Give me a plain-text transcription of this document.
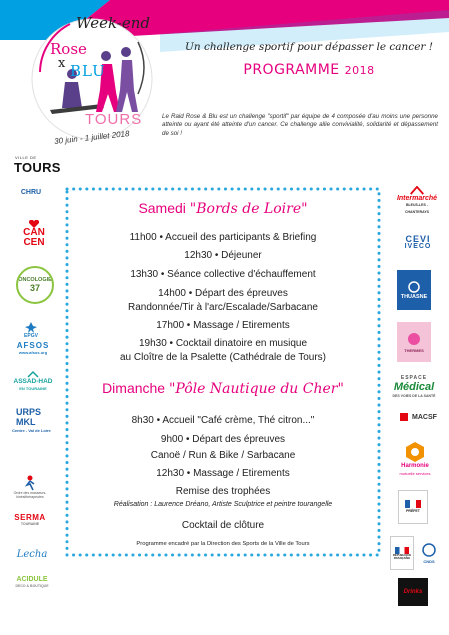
Week-end
Rose
x BLU
TOURS
30 juin - 1 juillet 2018
Un challenge sportif pour dépasser le cancer !
PROGRAMME 2018
Le Raid Rose & Blu est un challenge "sportif" par équipe de 4 composée d'au moins une personne atteinte ou ayant été atteinte d'un cancer. Ce challenge allie convivialité, solidarité et dépassement de soi !
VILLE DE
TOURS
CHRU
CAN
CEN
ONCOLOGIE
37
EPGV
AFSOS
www.afsos.org
ASSAD-HAD
EN TOURAINE
URPS
MKL
Centre - Val de Loire
Ordre des masseurs-kinésithérapeutes
SERMA
TOURAINE
Lecha
ACIDULE
DECO & BOUTIQUE
Samedi "Bords de Loire"
11h00 • Accueil des participants & Briefing
12h30 • Déjeuner
13h30 • Séance collective d'échauffement
14h00 • Départ des épreuves
Randonnée/Tir à l'arc/Escalade/Sarbacane
17h00 • Massage / Etirements
19h30 • Cocktail dinatoire en musique
au Cloître de la Psalette (Cathédrale de Tours)
Dimanche "Pôle Nautique du Cher"
8h30 • Accueil "Café crème, Thé citron..."
9h00 • Départ des épreuves
Canoë / Run & Bike / Sarbacane
12h30 • Massage / Etirements
Remise des trophées
Réalisation : Laurence Dréano, Artiste Sculptrice et peintre tourangelle
Cocktail de clôture
Programme encadré par la Direction des Sports de la Ville de Tours
Intermarché
BLEUS-LES - CHANTERAYS
CEVI
IVECO
THUASNE
THERMES
ESPACE
Médical
DES VOIES DE LA SANTÉ
MACSF
Harmonie
mutuelle services
PRÉFET
RÉPUBLIQUE FRANÇAISE
CNDS
Drinks
